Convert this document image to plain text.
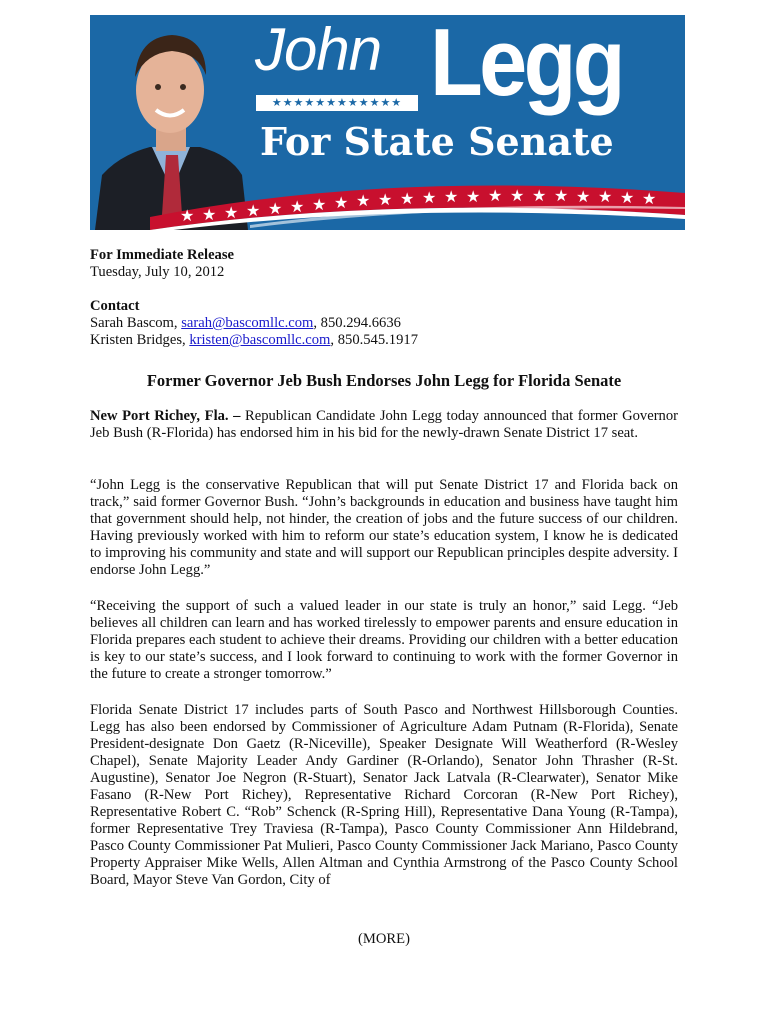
John
★★★★★★★★★★★★ Legg
For State Senate
★ ★ ★ ★ ★ ★ ★ ★ ★ ★ ★ ★ ★ ★ ★ ★ ★ ★ ★ ★ ★ ★
For Immediate Release
Tuesday, July 10, 2012
Contact
Sarah Bascom, sarah@bascomllc.com, 850.294.6636
Kristen Bridges, kristen@bascomllc.com, 850.545.1917
Former Governor Jeb Bush Endorses John Legg for Florida Senate

New Port Richey, Fla. – Republican Candidate John Legg today announced that former Governor Jeb Bush (R-Florida) has endorsed him in his bid for the newly-drawn Senate District 17 seat.

“John Legg is the conservative Republican that will put Senate District 17 and Florida back on track,” said former Governor Bush. “John’s backgrounds in education and business have taught him that government should help, not hinder, the creation of jobs and the future success of our children. Having previously worked with him to reform our state’s education system, I know he is dedicated to improving his community and state and will support our Republican principles despite adversity. I endorse John Legg.”

“Receiving the support of such a valued leader in our state is truly an honor,” said Legg. “Jeb believes all children can learn and has worked tirelessly to empower parents and ensure education in Florida prepares each student to achieve their dreams. Providing our children with a better education is key to our state’s success, and I look forward to continuing to work with the former Governor in the future to create a stronger tomorrow.”

Florida Senate District 17 includes parts of South Pasco and Northwest Hillsborough Counties. Legg has also been endorsed by Commissioner of Agriculture Adam Putnam (R-Florida), Senate President-designate Don Gaetz (R-Niceville), Speaker Designate Will Weatherford (R-Wesley Chapel), Senate Majority Leader Andy Gardiner (R-Orlando), Senator John Thrasher (R-St. Augustine), Senator Joe Negron (R-Stuart), Senator Jack Latvala (R-Clearwater), Senator Mike Fasano (R-New Port Richey), Representative Richard Corcoran (R-New Port Richey), Representative Robert C. “Rob” Schenck (R-Spring Hill), Representative Dana Young (R-Tampa), former Representative Trey Traviesa (R-Tampa), Pasco County Commissioner Ann Hildebrand, Pasco County Commissioner Pat Mulieri, Pasco County Commissioner Jack Mariano, Pasco County Property Appraiser Mike Wells, Allen Altman and Cynthia Armstrong of the Pasco County School Board, Mayor Steve Van Gordon, City of

(MORE)
